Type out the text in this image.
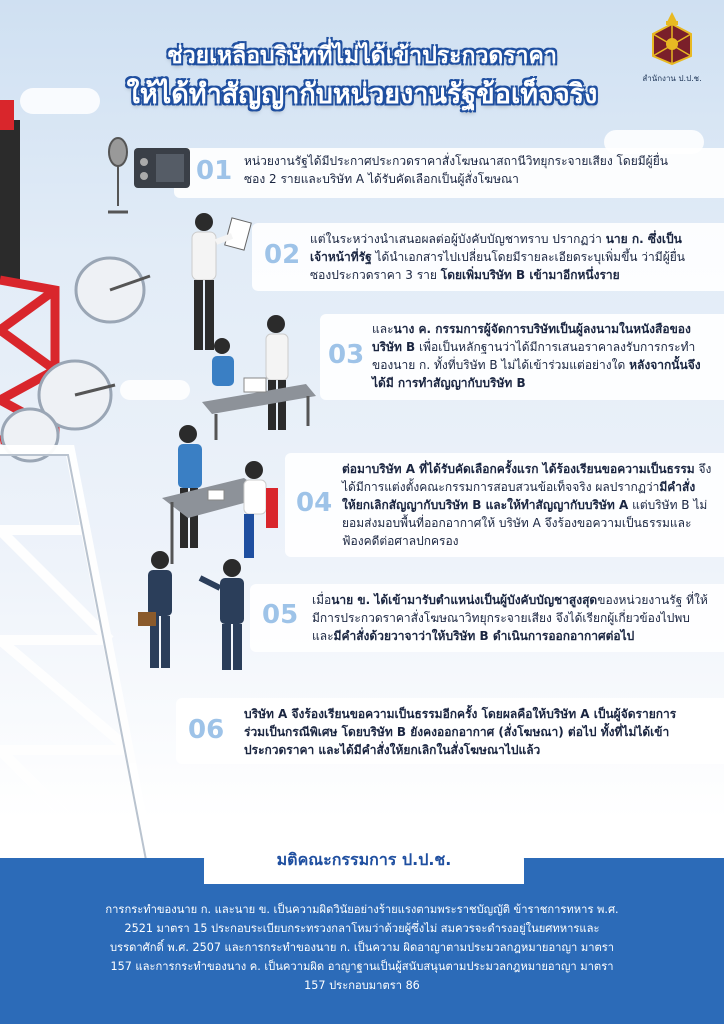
สำนักงาน ป.ป.ช.
ช่วยเหลือบริษัทที่ไม่ได้เข้าประกวดราคา
ให้ได้ทำสัญญากับหน่วยงานรัฐข้อเท็จจริง
01 หน่วยงานรัฐได้มีประกาศประกวดราคาสั่งโฆษณาสถานีวิทยุกระจายเสียง โดยมีผู้ยื่นซอง 2 รายและบริษัท A ได้รับคัดเลือกเป็นผู้สั่งโฆษณา
02
แต่ในระหว่างนำเสนอผลต่อผู้บังคับบัญชาทราบ ปรากฏว่า นาย ก. ซึ่งเป็นเจ้าหน้าที่รัฐ ได้นำเอกสารไปเปลี่ยนโดยมีรายละเอียดระบุเพิ่มขึ้น ว่ามีผู้ยื่นซองประกวดราคา 3 ราย โดยเพิ่มบริษัท B เข้ามาอีกหนึ่งราย
03
และนาง ค. กรรมการผู้จัดการบริษัทเป็นผู้ลงนามในหนังสือของ บริษัท B เพื่อเป็นหลักฐานว่าได้มีการเสนอราคาลงรับการกระทำ ของนาย ก. ทั้งที่บริษัท B ไม่ได้เข้าร่วมแต่อย่างใด หลังจากนั้นจึงได้มี การทำสัญญากับบริษัท B
04
ต่อมาบริษัท A ที่ได้รับคัดเลือกครั้งแรก ได้ร้องเรียนขอความเป็นธรรม จึงได้มีการแต่งตั้งคณะกรรมการสอบสวนข้อเท็จจริง ผลปรากฏว่ามีคำสั่ง ให้ยกเลิกสัญญากับบริษัท B และให้ทำสัญญากับบริษัท A แต่บริษัท B ไม่ยอมส่งมอบพื้นที่ออกอากาศให้ บริษัท A จึงร้องขอความเป็นธรรมและ ฟ้องคดีต่อศาลปกครอง
05 เมื่อนาย ข. ได้เข้ามารับตำแหน่งเป็นผู้บังคับบัญชาสูงสุดของหน่วยงานรัฐ ที่ให้มีการประกวดราคาสั่งโฆษณาวิทยุกระจายเสียง จึงได้เรียกผู้เกี่ยวข้องไปพบ และมีคำสั่งด้วยวาจาว่าให้บริษัท B ดำเนินการออกอากาศต่อไป
06
บริษัท A จึงร้องเรียนขอความเป็นธรรมอีกครั้ง โดยผลคือให้บริษัท A เป็นผู้จัดรายการ ร่วมเป็นกรณีพิเศษ โดยบริษัท B ยังคงออกอากาศ (สั่งโฆษณา) ต่อไป ทั้งที่ไม่ได้เข้าประกวดราคา และได้มีคำสั่งให้ยกเลิกในสั่งโฆษณาไปแล้ว
มติคณะกรรมการ ป.ป.ช.
การกระทำของนาย ก. และนาย ข. เป็นความผิดวินัยอย่างร้ายแรงตามพระราชบัญญัติ ข้าราชการทหาร พ.ศ. 2521 มาตรา 15 ประกอบระเบียบกระทรวงกลาโหมว่าด้วยผู้ซึ่งไม่ สมควรจะดำรงอยู่ในยศทหารและบรรดาศักดิ์ พ.ศ. 2507 และการกระทำของนาย ก. เป็นความ ผิดอาญาตามประมวลกฎหมายอาญา มาตรา 157 และการกระทำของนาง ค. เป็นความผิด อาญาฐานเป็นผู้สนับสนุนตามประมวลกฎหมายอาญา มาตรา 157 ประกอบมาตรา 86
